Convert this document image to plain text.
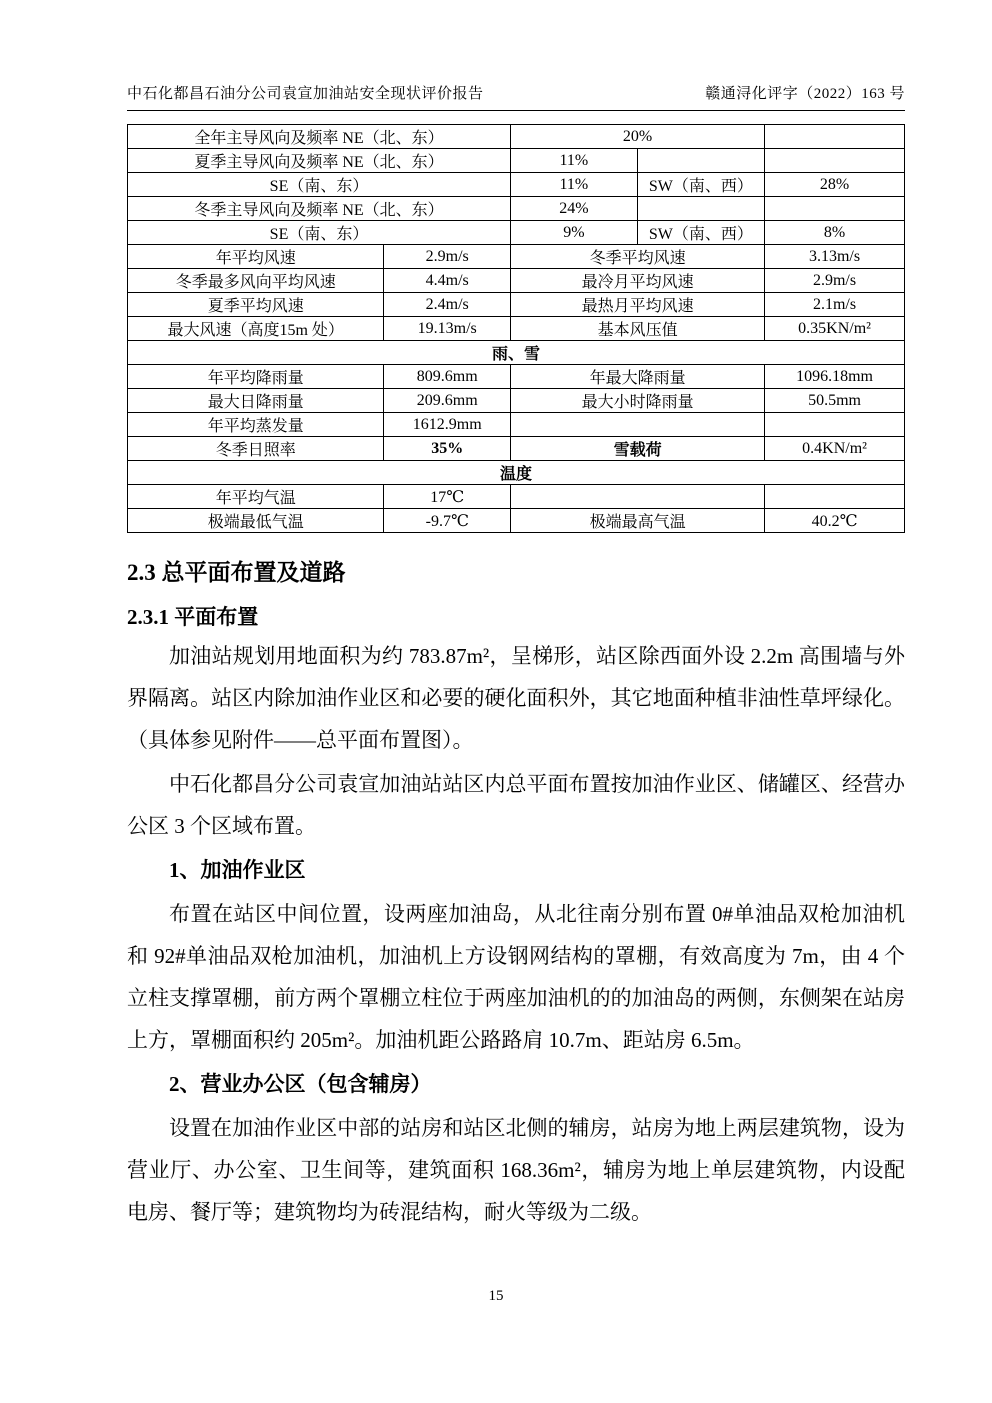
中石化都昌石油分公司袁宣加油站安全现状评价报告	赣通浔化评字（2022）163 号
全年主导风向及频率 NE（北、东）		20%		
夏季主导风向及频率 NE（北、东）		11%		
SE（南、东）		11%	SW（南、西）	28%
冬季主导风向及频率 NE（北、东）		24%		
SE（南、东）		9%	SW（南、西）	8%
年平均风速	2.9m/s	冬季平均风速		3.13m/s
冬季最多风向平均风速	4.4m/s	最冷月平均风速		2.9m/s
夏季平均风速	2.4m/s	最热月平均风速		2.1m/s
最大风速（高度15m 处）	19.13m/s	基本风压值		0.35KN/m²
雨、雪				
年平均降雨量	809.6mm	年最大降雨量		1096.18mm
最大日降雨量	209.6mm	最大小时降雨量		50.5mm
年平均蒸发量	1612.9mm			
冬季日照率	35%	雪载荷		0.4KN/m²
温度				
年平均气温	17℃			
极端最低气温	-9.7℃	极端最高气温		40.2℃
2.3 总平面布置及道路
2.3.1 平面布置

加油站规划用地面积为约 783.87m²，呈梯形，站区除西面外设 2.2m 高围墙与外界隔离。站区内除加油作业区和必要的硬化面积外，其它地面种植非油性草坪绿化。（具体参见附件——总平面布置图）。

中石化都昌分公司袁宣加油站站区内总平面布置按加油作业区、储罐区、经营办公区 3 个区域布置。

1、加油作业区

布置在站区中间位置，设两座加油岛，从北往南分别布置 0#单油品双枪加油机和 92#单油品双枪加油机，加油机上方设钢网结构的罩棚，有效高度为 7m，由 4 个立柱支撑罩棚，前方两个罩棚立柱位于两座加油机的的加油岛的两侧，东侧架在站房上方，罩棚面积约 205m²。加油机距公路路肩 10.7m、距站房 6.5m。

2、营业办公区（包含辅房）

设置在加油作业区中部的站房和站区北侧的辅房，站房为地上两层建筑物，设为营业厅、办公室、卫生间等，建筑面积 168.36m²，辅房为地上单层建筑物，内设配电房、餐厅等；建筑物均为砖混结构，耐火等级为二级。

15
